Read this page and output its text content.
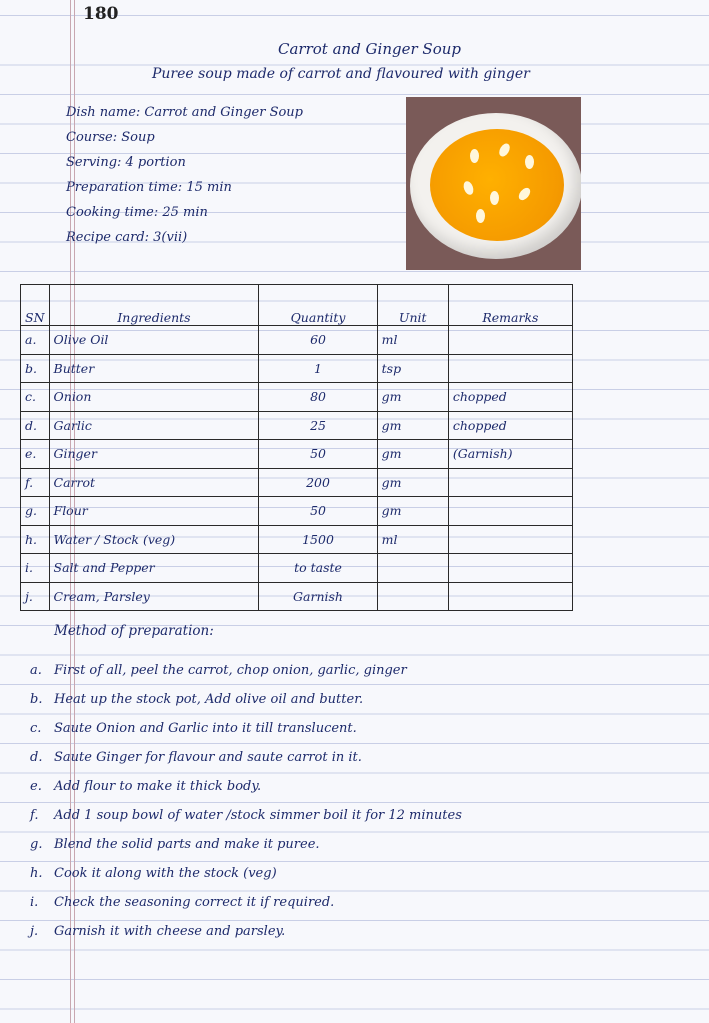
180
Carrot and Ginger Soup
Puree soup made of carrot and flavoured with ginger
Dish name: Carrot and Ginger Soup
Course: Soup
Serving: 4 portion
Preparation time: 15 min
Cooking time: 25 min
Recipe card: 3(vii)
SN	Ingredients	Quantity	Unit	Remarks
a.	Olive Oil	60	ml	
b.	Butter	1	tsp	
c.	Onion	80	gm	chopped
d.	Garlic	25	gm	chopped
e.	Ginger	50	gm	(Garnish)
f.	Carrot	200	gm	
g.	Flour	50	gm	
h.	Water / Stock (veg)	1500	ml	
i.	Salt and Pepper	to taste		
j.	Cream, Parsley	Garnish		
Method of preparation:
a. First of all, peel the carrot, chop onion, garlic, ginger
b. Heat up the stock pot, Add olive oil and butter.
c. Saute Onion and Garlic into it till translucent.
d. Saute Ginger for flavour and saute carrot in it.
e. Add flour to make it thick body.
f.	Add 1 soup bowl of water /stock simmer boil it for 12 minutes
g. Blend the solid parts and make it puree.
h. Cook it along with the stock (veg)
i.	Check the seasoning correct it if required.
j.	Garnish it with cheese and parsley.
